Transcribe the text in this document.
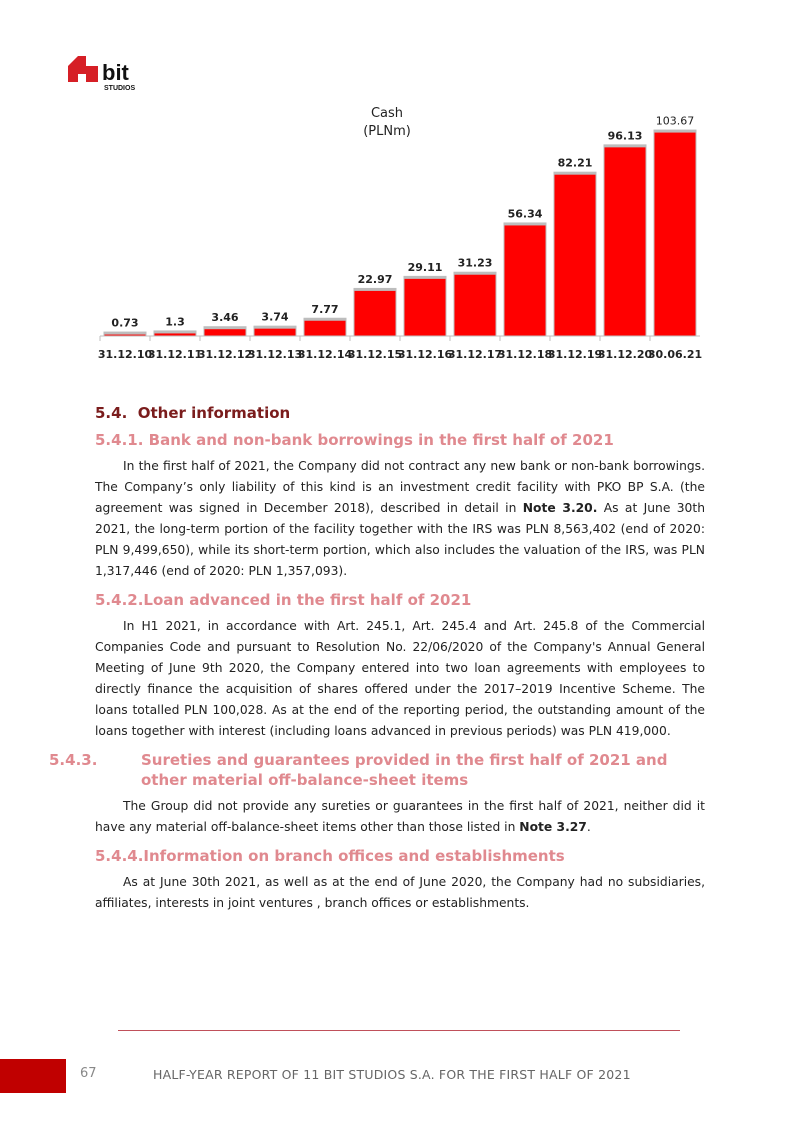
bit
STUDIOS
Cash
(PLNm)
0.73 1.3 3.46 3.74
7.77
22.97
29.11 31.23
56.34
82.21
96.13
103.67
31.12.10
31.12.11
31.12.12
31.12.13
31.12.14
31.12.15
31.12.16
31.12.17
31.12.18
31.12.19
31.12.20
30.06.21
5.4. Other information
5.4.1. Bank and non-bank borrowings in the first half of 2021

In the first half of 2021, the Company did not contract any new bank or non-bank borrowings. The Company’s only liability of this kind is an investment credit facility with PKO BP S.A. (the agreement was signed in December 2018), described in detail in Note 3.20. As at June 30th 2021, the long-term portion of the facility together with the IRS was PLN 8,563,402 (end of 2020: PLN 9,499,650), while its short-term portion, which also includes the valuation of the IRS, was PLN 1,317,446 (end of 2020: PLN 1,357,093).

5.4.2.Loan advanced in the first half of 2021

In H1 2021, in accordance with Art. 245.1, Art. 245.4 and Art. 245.8 of the Commercial Companies Code and pursuant to Resolution No. 22/06/2020 of the Company's Annual General Meeting of June 9th 2020, the Company entered into two loan agreements with employees to directly finance the acquisition of shares offered under the 2017–2019 Incentive Scheme. The loans totalled PLN 100,028. As at the end of the reporting period, the outstanding amount of the loans together with interest (including loans advanced in previous periods) was PLN 419,000.

5.4.3.	Sureties and guarantees provided in the first half of 2021 and other material off-balance-sheet items

The Group did not provide any sureties or guarantees in the first half of 2021, neither did it have any material off-balance-sheet items other than those listed in Note 3.27.

5.4.4.Information on branch offices and establishments

As at June 30th 2021, as well as at the end of June 2020, the Company had no subsidiaries, affiliates, interests in joint ventures , branch offices or establishments.

67	HALF-YEAR REPORT OF 11 BIT STUDIOS S.A. FOR THE FIRST HALF OF 2021
